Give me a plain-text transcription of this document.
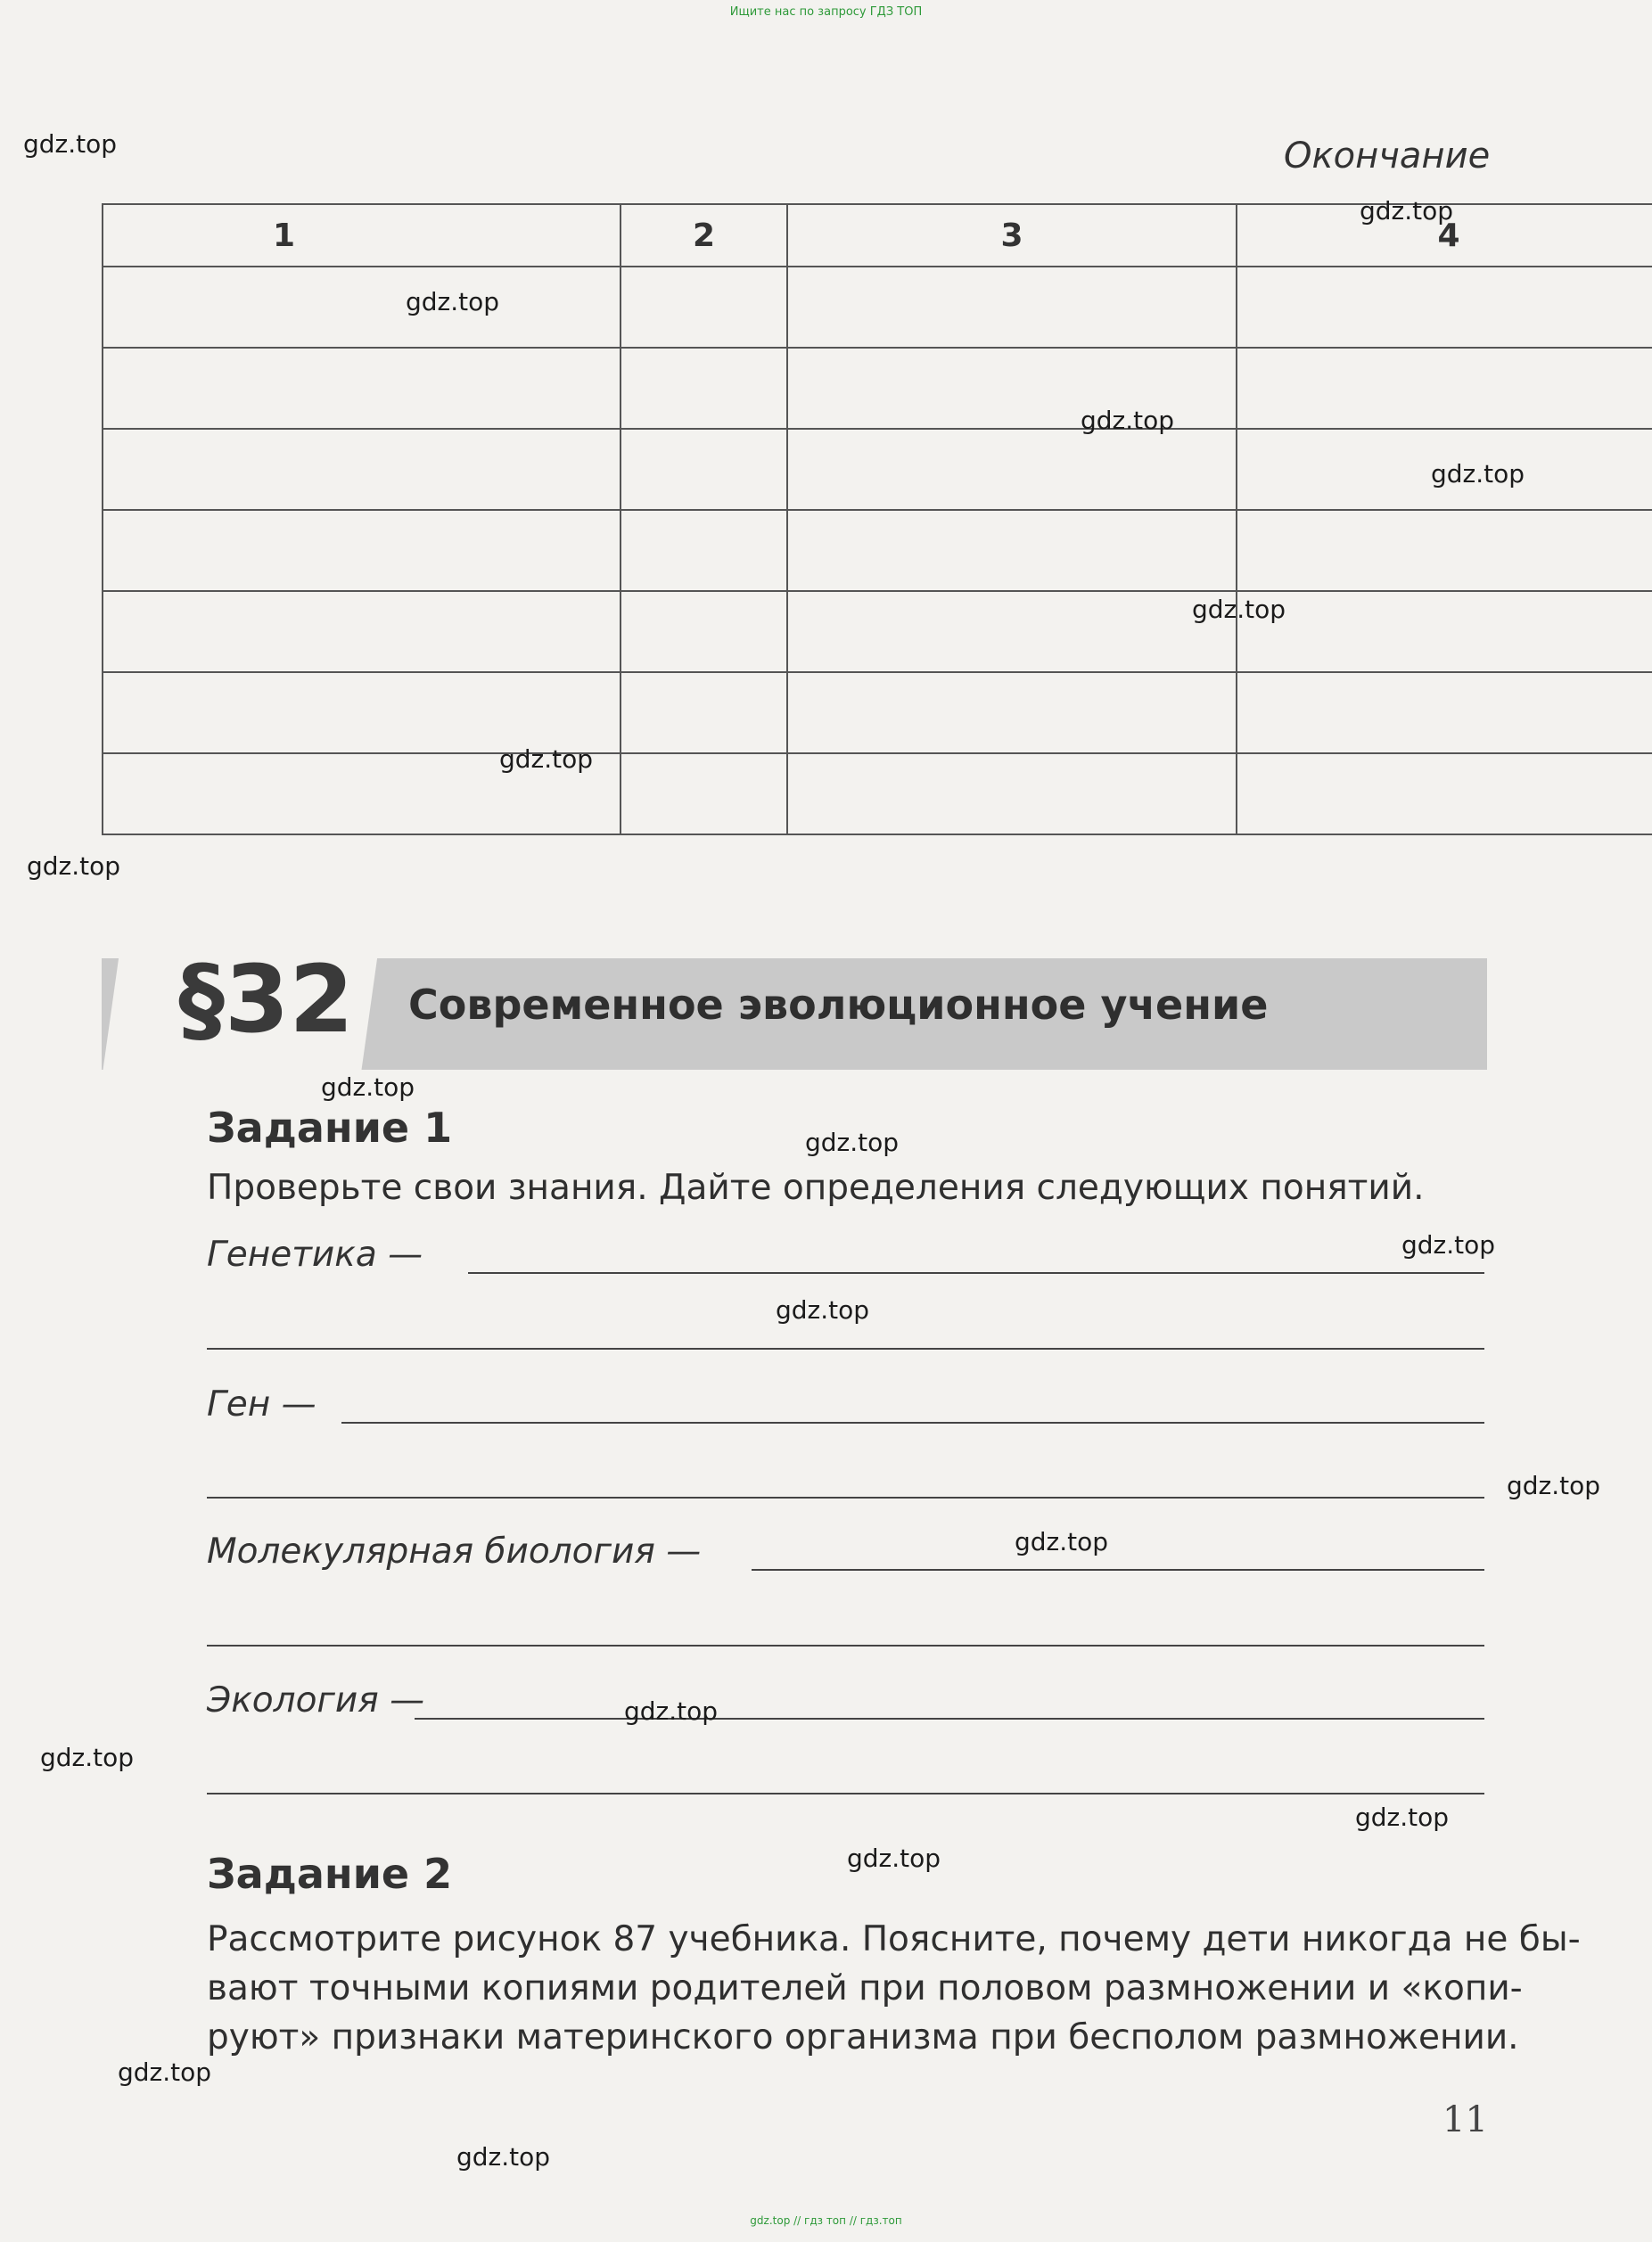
Ищите нас по запросу ГДЗ ТОП
Окончание
1	2	3	4

§32 Современное эволюционное учение
Задание 1
Проверьте свои знания. Дайте определения следующих понятий.
Генетика —
Ген —
Молекулярная биология —
Экология —
Задание 2
Рассмотрите рисунок 87 учебника. Поясните, почему дети никогда не бы-
вают точными копиями родителей при половом размножении и «копи-
руют» признаки материнского организма при бесполом размножении.
11
gdz.top
gdz.top
gdz.top
gdz.top
gdz.top
gdz.top
gdz.top
gdz.top
gdz.top
gdz.top
gdz.top
gdz.top
gdz.top
gdz.top
gdz.top
gdz.top
gdz.top
gdz.top
gdz.top
gdz.top
gdz.top // гдз топ // гдз.топ
